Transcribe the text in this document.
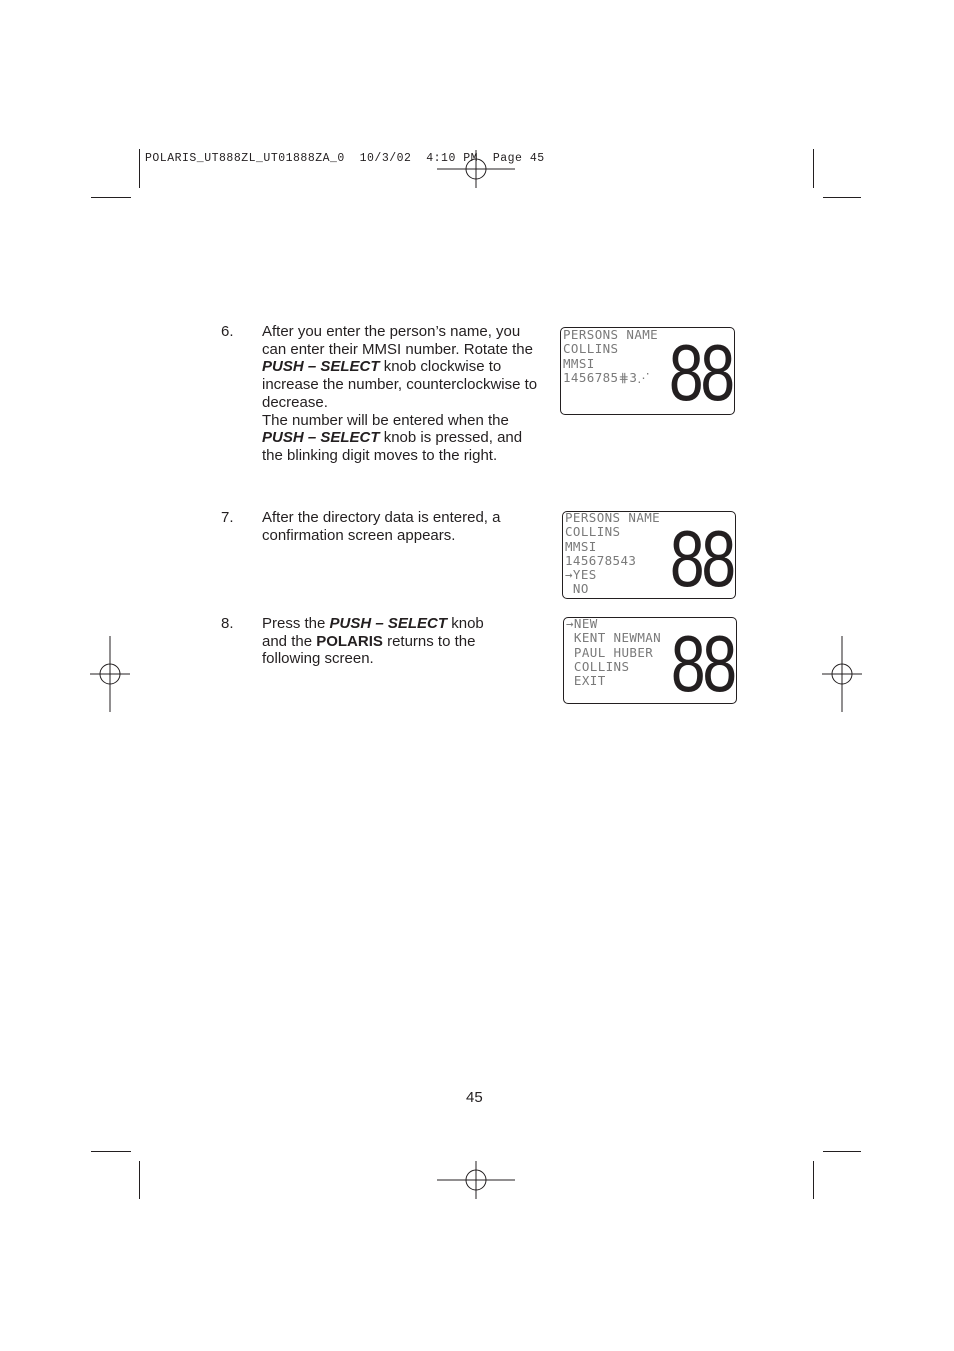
POLARIS_UT888ZL_UT01888ZA_0  10/3/02  4:10 PM  Page 45
6. After you enter the person’s name, you can enter their MMSI number. Rotate the PUSH – SELECT knob clockwise to increase the number, counterclockwise to decrease.
The number will be entered when the PUSH – SELECT knob is pressed, and the blinking digit moves to the right.
7. After the directory data is entered, a confirmation screen appears.
8. Press the PUSH – SELECT knob and the POLARIS returns to the following screen.
PERSONS NAME
COLLINS
MMSI
1456785⋕3⋰ 88
PERSONS NAME
COLLINS
MMSI
145678543
→YES
NO	88
→NEW
KENT NEWMAN
PAUL HUBER
COLLINS
EXIT 88
45
